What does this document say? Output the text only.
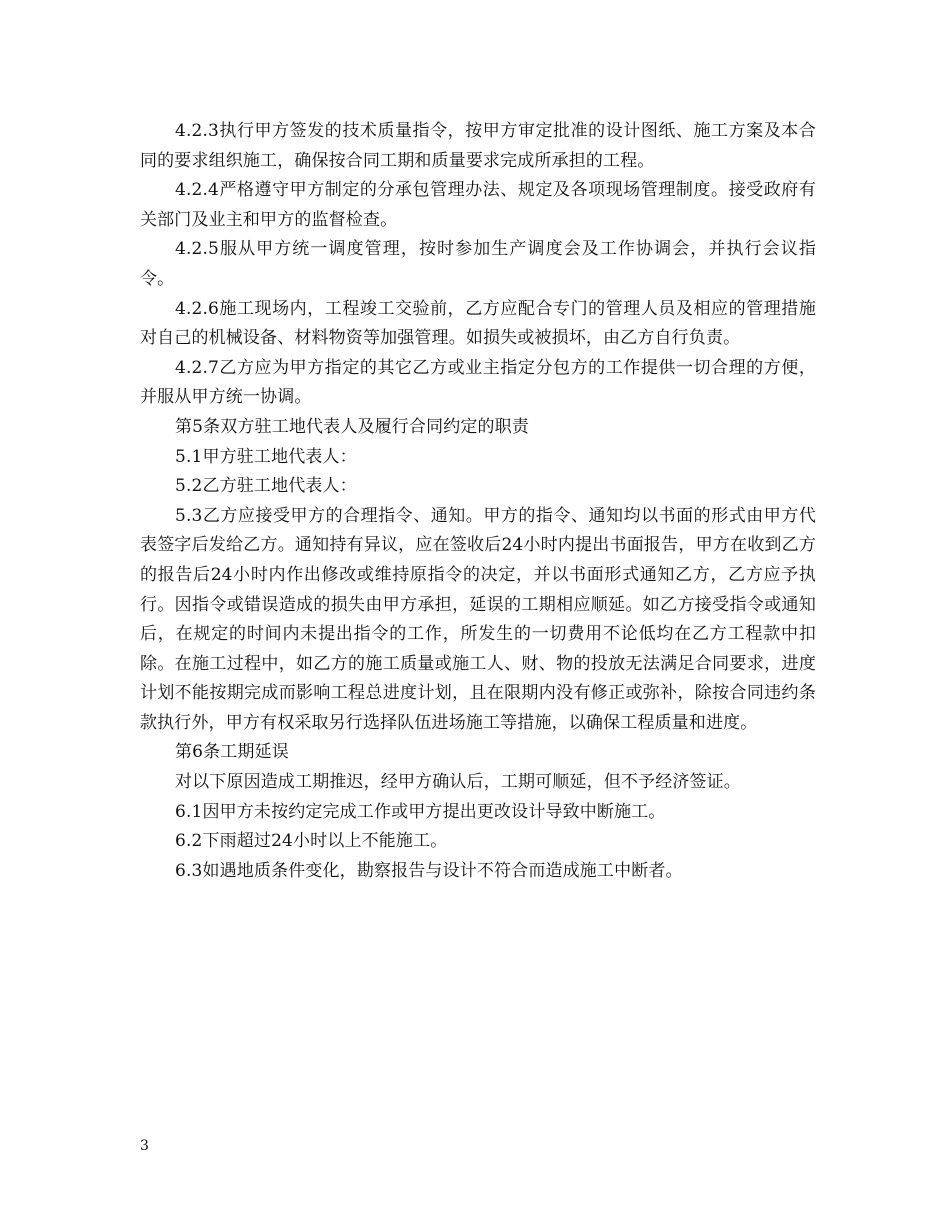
4.2.3执行甲方签发的技术质量指令，按甲方审定批准的设计图纸、施工方案及本合同的要求组织施工，确保按合同工期和质量要求完成所承担的工程。

4.2.4严格遵守甲方制定的分承包管理办法、规定及各项现场管理制度。接受政府有关部门及业主和甲方的监督检查。

4.2.5服从甲方统一调度管理，按时参加生产调度会及工作协调会，并执行会议指令。

4.2.6施工现场内，工程竣工交验前，乙方应配合专门的管理人员及相应的管理措施对自己的机械设备、材料物资等加强管理。如损失或被损坏，由乙方自行负责。

4.2.7乙方应为甲方指定的其它乙方或业主指定分包方的工作提供一切合理的方便，并服从甲方统一协调。

第5条双方驻工地代表人及履行合同约定的职责

5.1甲方驻工地代表人：

5.2乙方驻工地代表人：

5.3乙方应接受甲方的合理指令、通知。甲方的指令、通知均以书面的形式由甲方代表签字后发给乙方。通知持有异议，应在签收后24小时内提出书面报告，甲方在收到乙方的报告后24小时内作出修改或维持原指令的决定，并以书面形式通知乙方，乙方应予执行。因指令或错误造成的损失由甲方承担，延误的工期相应顺延。如乙方接受指令或通知后，在规定的时间内未提出指令的工作，所发生的一切费用不论低均在乙方工程款中扣除。在施工过程中，如乙方的施工质量或施工人、财、物的投放无法满足合同要求，进度计划不能按期完成而影响工程总进度计划，且在限期内没有修正或弥补，除按合同违约条款执行外，甲方有权采取另行选择队伍进场施工等措施，以确保工程质量和进度。

第6条工期延误

对以下原因造成工期推迟，经甲方确认后，工期可顺延，但不予经济签证。

6.1因甲方未按约定完成工作或甲方提出更改设计导致中断施工。

6.2下雨超过24小时以上不能施工。

6.3如遇地质条件变化，勘察报告与设计不符合而造成施工中断者。

3
